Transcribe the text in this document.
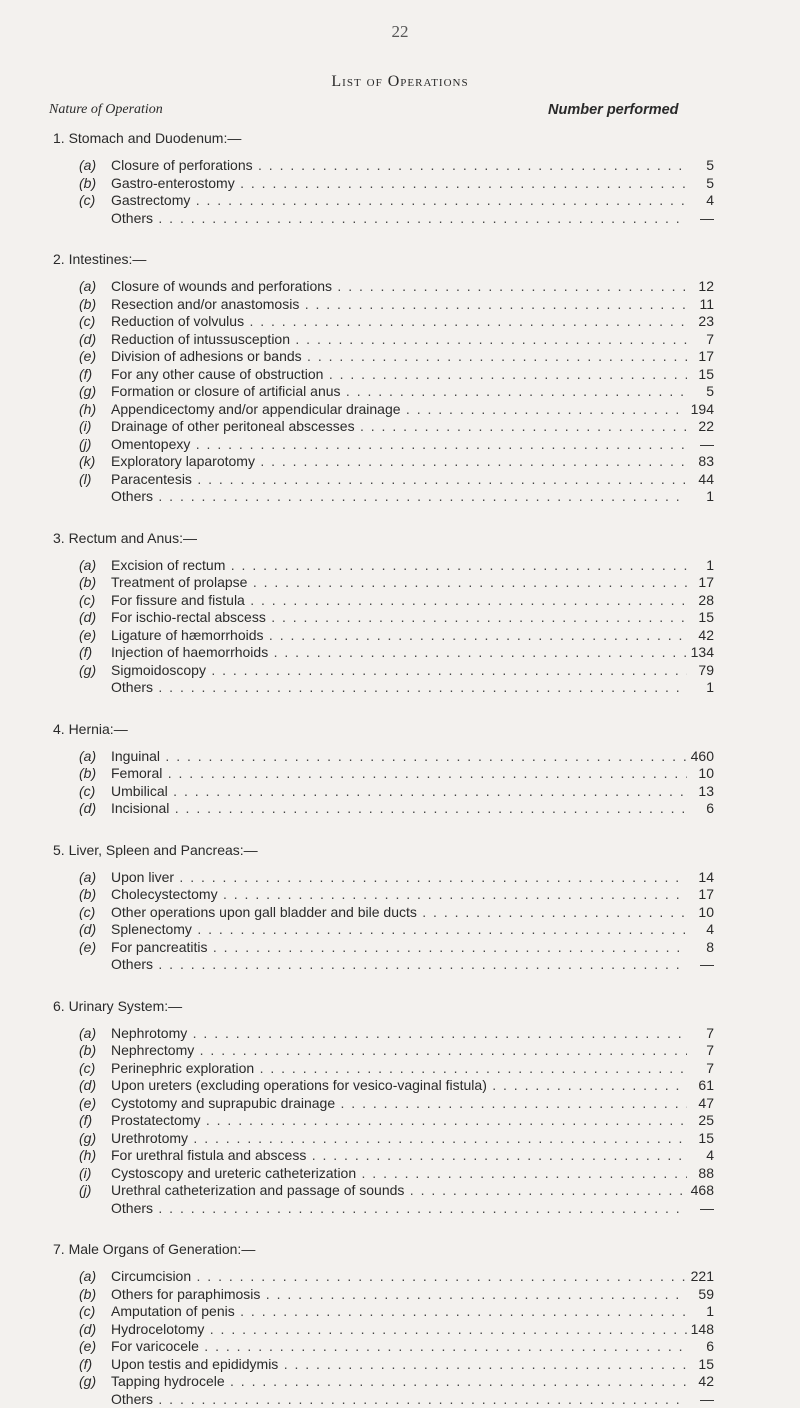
22
List of Operations
Nature of Operation	Number performed
1. Stomach and Duodenum:—
(a) Closure of perforations . . .	5
(b) Gastro-enterostomy . . .	5
(c) Gastrectomy . . .	4
Others . . .	—
2. Intestines:—
(a) Closure of wounds and perforations . . .	12
(b) Resection and/or anastomosis . . .	11
(c) Reduction of volvulus . . .	23
(d) Reduction of intussusception . . .	7
(e) Division of adhesions or bands . . .	17
(f) For any other cause of obstruction . . .	15
(g) Formation or closure of artificial anus . . .	5
(h) Appendicectomy and/or appendicular drainage . . .	194
(i) Drainage of other peritoneal abscesses . . .	22
(j) Omentopexy . . .	—
(k) Exploratory laparotomy . . .	83
(l) Paracentesis . . .	44
Others . . .	1
3. Rectum and Anus:—
(a) Excision of rectum . . .	1
(b) Treatment of prolapse . . .	17
(c) For fissure and fistula . . .	28
(d) For ischio-rectal abscess . . .	15
(e) Ligature of hæmorrhoids . . .	42
(f) Injection of haemorrhoids . . .	134
(g) Sigmoidoscopy . . .	79
Others . . .	1
4. Hernia:—
(a) Inguinal . . .	460
(b) Femoral . . .	10
(c) Umbilical . . .	13
(d) Incisional . . .	6
5. Liver, Spleen and Pancreas:—
(a) Upon liver . . .	14
(b) Cholecystectomy . . .	17
(c) Other operations upon gall bladder and bile ducts . . .	10
(d) Splenectomy . . .	4
(e) For pancreatitis . . .	8
Others . . .	—
6. Urinary System:—
(a) Nephrotomy . . .	7
(b) Nephrectomy . . .	7
(c) Perinephric exploration . . .	7
(d) Upon ureters (excluding operations for vesico-vaginal fistula) . . .	61
(e) Cystotomy and suprapubic drainage . . .	47
(f) Prostatectomy . . .	25
(g) Urethrotomy . . .	15
(h) For urethral fistula and abscess . . .	4
(i) Cystoscopy and ureteric catheterization . . .	88
(j) Urethral catheterization and passage of sounds . . .	468
Others . . .	—
7. Male Organs of Generation:—
(a) Circumcision . . .	221
(b) Others for paraphimosis . . .	59
(c) Amputation of penis . . .	1
(d) Hydrocelotomy . . .	148
(e) For varicocele . . .	6
(f) Upon testis and epididymis . . .	15
(g) Tapping hydrocele . . .	42
Others . . .	—
